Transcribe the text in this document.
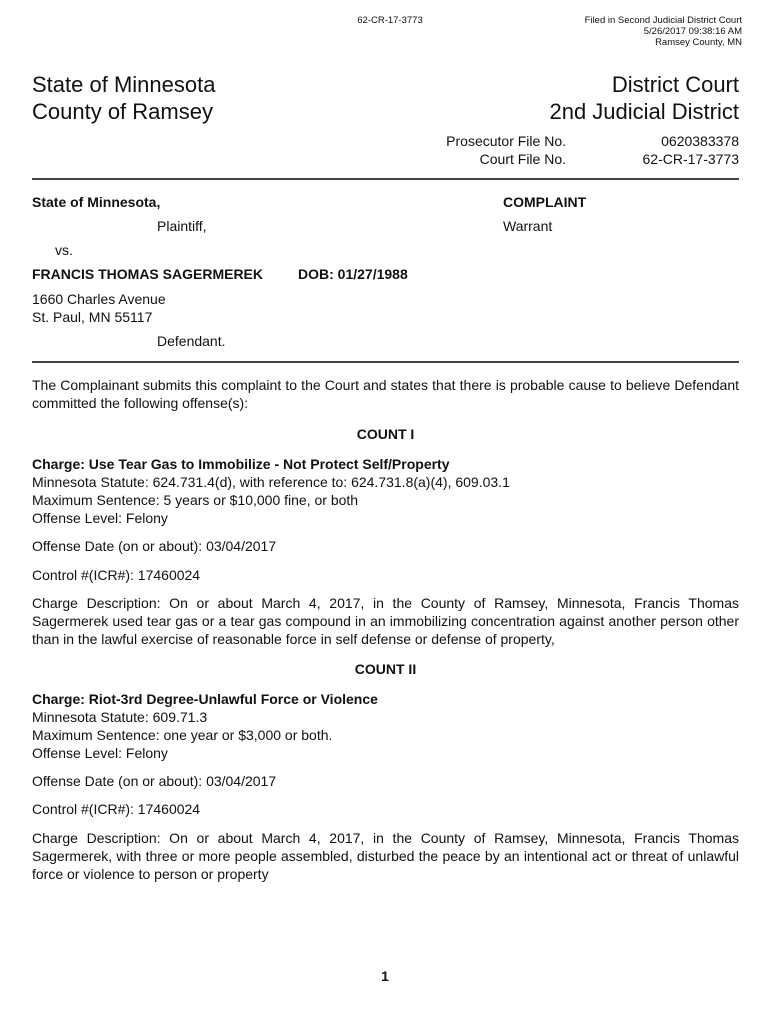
62-CR-17-3773	Filed in Second Judicial District Court
5/26/2017 09:38:16 AM
Ramsey County, MN
State of Minnesota
County of Ramsey
District Court
2nd Judicial District
Prosecutor File No.
Court File No.
0620383378
62-CR-17-3773
State of Minnesota,
Plaintiff,
vs.
FRANCIS THOMAS SAGERMEREK DOB: 01/27/1988
1660 Charles Avenue
St. Paul, MN 55117
Defendant.
COMPLAINT
Warrant
The Complainant submits this complaint to the Court and states that there is probable cause to believe Defendant committed the following offense(s):
COUNT I
Charge: Use Tear Gas to Immobilize - Not Protect Self/Property
Minnesota Statute: 624.731.4(d), with reference to: 624.731.8(a)(4), 609.03.1
Maximum Sentence: 5 years or $10,000 fine, or both
Offense Level: Felony
Offense Date (on or about): 03/04/2017
Control #(ICR#): 17460024
Charge Description: On or about March 4, 2017, in the County of Ramsey, Minnesota, Francis Thomas Sagermerek used tear gas or a tear gas compound in an immobilizing concentration against another person other than in the lawful exercise of reasonable force in self defense or defense of property,
COUNT II
Charge: Riot-3rd Degree-Unlawful Force or Violence
Minnesota Statute: 609.71.3
Maximum Sentence: one year or $3,000 or both.
Offense Level: Felony
Offense Date (on or about): 03/04/2017
Control #(ICR#): 17460024
Charge Description: On or about March 4, 2017, in the County of Ramsey, Minnesota, Francis Thomas Sagermerek, with three or more people assembled, disturbed the peace by an intentional act or threat of unlawful force or violence to person or property
1
